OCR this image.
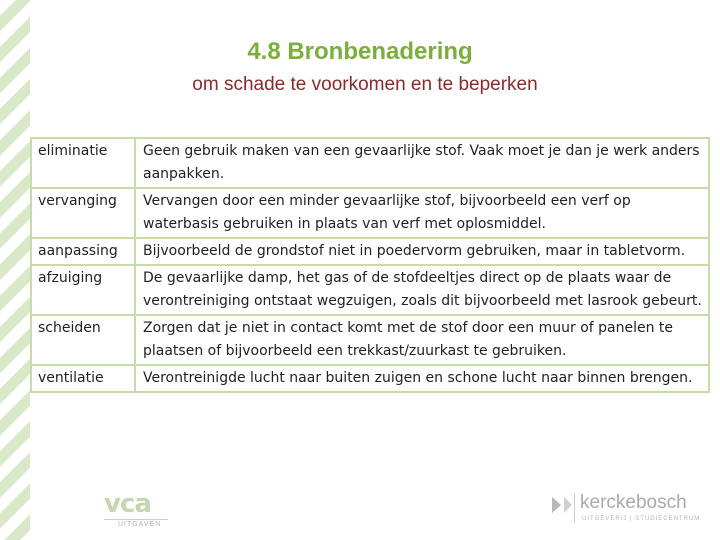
4.8 Bronbenadering
om schade te voorkomen en te beperken
eliminatie	Geen gebruik maken van een gevaarlijke stof. Vaak moet je dan je werk anders aanpakken.
vervanging	Vervangen door een minder gevaarlijke stof, bijvoorbeeld een verf op waterbasis gebruiken in plaats van verf met oplosmiddel.
aanpassing	Bijvoorbeeld de grondstof niet in poedervorm gebruiken, maar in tabletvorm.
afzuiging	De gevaarlijke damp, het gas of de stofdeeltjes direct op de plaats waar de verontreiniging ontstaat wegzuigen, zoals dit bijvoorbeeld met lasrook gebeurt.
scheiden	Zorgen dat je niet in contact komt met de stof door een muur of panelen te plaatsen of bijvoorbeeld een trekkast/zuurkast te gebruiken.
ventilatie	Verontreinigde lucht naar buiten zuigen en schone lucht naar binnen brengen.
vca
UITGAVEN
kerckebosch
UITGEVERIJ | STUDIECENTRUM
